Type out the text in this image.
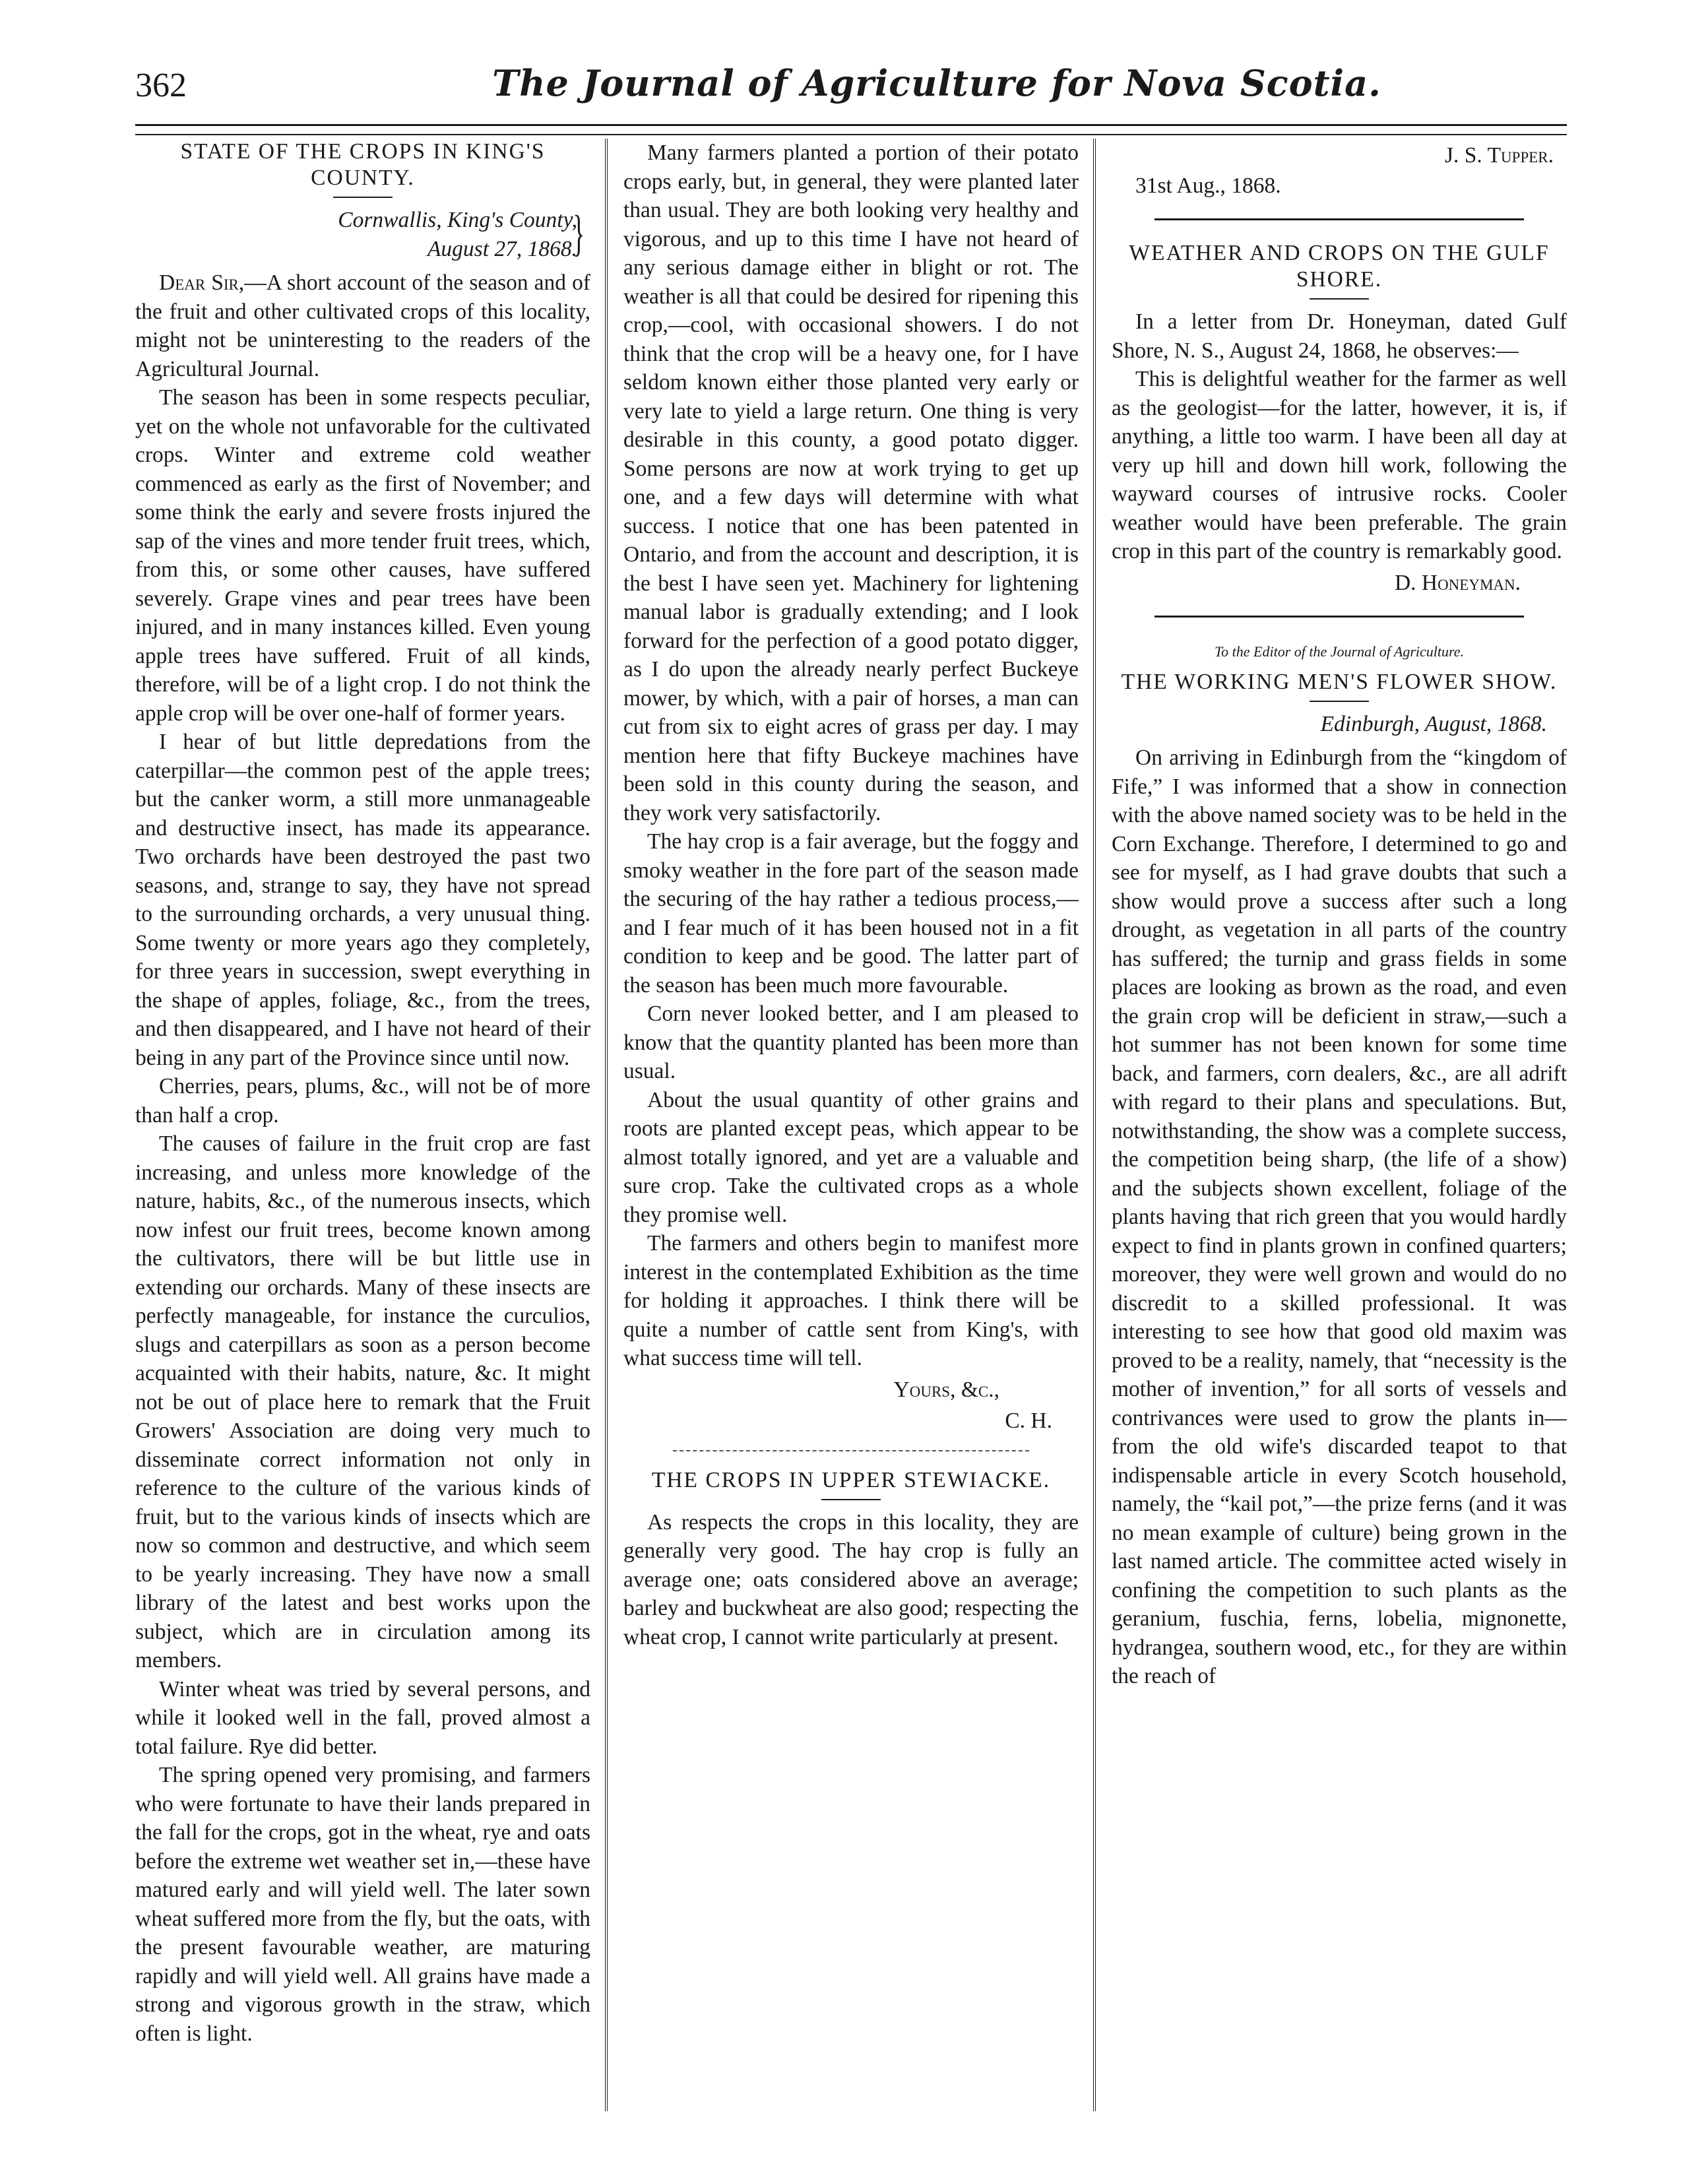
362	The Journal of Agriculture for Nova Scotia.
STATE OF THE CROPS IN KING'S COUNTY.
Cornwallis, King's County,
August 27, 1868.
}

Dear Sir,—A short account of the season and of the fruit and other cultivated crops of this locality, might not be uninteresting to the readers of the Agricultural Journal.

The season has been in some respects peculiar, yet on the whole not unfavorable for the cultivated crops. Winter and extreme cold weather commenced as early as the first of November; and some think the early and severe frosts injured the sap of the vines and more tender fruit trees, which, from this, or some other causes, have suffered severely. Grape vines and pear trees have been injured, and in many instances killed. Even young apple trees have suffered. Fruit of all kinds, therefore, will be of a light crop. I do not think the apple crop will be over one-half of former years.

I hear of but little depredations from the caterpillar—the common pest of the apple trees; but the canker worm, a still more unmanageable and destructive insect, has made its appearance. Two orchards have been destroyed the past two seasons, and, strange to say, they have not spread to the surrounding orchards, a very unusual thing. Some twenty or more years ago they completely, for three years in succession, swept everything in the shape of apples, foliage, &c., from the trees, and then disappeared, and I have not heard of their being in any part of the Province since until now.

Cherries, pears, plums, &c., will not be of more than half a crop.

The causes of failure in the fruit crop are fast increasing, and unless more knowledge of the nature, habits, &c., of the numerous insects, which now infest our fruit trees, become known among the cultivators, there will be but little use in extending our orchards. Many of these insects are perfectly manageable, for instance the curculios, slugs and caterpillars as soon as a person become acquainted with their habits, nature, &c. It might not be out of place here to remark that the Fruit Growers' Association are doing very much to disseminate correct information not only in reference to the culture of the various kinds of fruit, but to the various kinds of insects which are now so common and destructive, and which seem to be yearly increasing. They have now a small library of the latest and best works upon the subject, which are in circulation among its members.

Winter wheat was tried by several persons, and while it looked well in the fall, proved almost a total failure. Rye did better.

The spring opened very promising, and farmers who were fortunate to have their lands prepared in the fall for the crops, got in the wheat, rye and oats before the extreme wet weather set in,—these have matured early and will yield well. The later sown wheat suffered more from the fly, but the oats, with the present favourable weather, are maturing rapidly and will yield well. All grains have made a strong and vigorous growth in the straw, which often is light.

Many farmers planted a portion of their potato crops early, but, in general, they were planted later than usual. They are both looking very healthy and vigorous, and up to this time I have not heard of any serious damage either in blight or rot. The weather is all that could be desired for ripening this crop,—cool, with occasional showers. I do not think that the crop will be a heavy one, for I have seldom known either those planted very early or very late to yield a large return. One thing is very desirable in this county, a good potato digger. Some persons are now at work trying to get up one, and a few days will determine with what success. I notice that one has been patented in Ontario, and from the account and description, it is the best I have seen yet. Machinery for lightening manual labor is gradually extending; and I look forward for the perfection of a good potato digger, as I do upon the already nearly perfect Buckeye mower, by which, with a pair of horses, a man can cut from six to eight acres of grass per day. I may mention here that fifty Buckeye machines have been sold in this county during the season, and they work very satisfactorily.

The hay crop is a fair average, but the foggy and smoky weather in the fore part of the season made the securing of the hay rather a tedious process,—and I fear much of it has been housed not in a fit condition to keep and be good. The latter part of the season has been much more favourable.

Corn never looked better, and I am pleased to know that the quantity planted has been more than usual.

About the usual quantity of other grains and roots are planted except peas, which appear to be almost totally ignored, and yet are a valuable and sure crop. Take the cultivated crops as a whole they promise well.

The farmers and others begin to manifest more interest in the contemplated Exhibition as the time for holding it approaches. I think there will be quite a number of cattle sent from King's, with what success time will tell.

Yours, &c.,
C. H.
THE CROPS IN UPPER STEWIACKE.

As respects the crops in this locality, they are generally very good. The hay crop is fully an average one; oats considered above an average; barley and buckwheat are also good; respecting the wheat crop, I cannot write particularly at present.

J. S. Tupper.
31st Aug., 1868.
WEATHER AND CROPS ON THE GULF SHORE.

In a letter from Dr. Honeyman, dated Gulf Shore, N. S., August 24, 1868, he observes:—

This is delightful weather for the farmer as well as the geologist—for the latter, however, it is, if anything, a little too warm. I have been all day at very up hill and down hill work, following the wayward courses of intrusive rocks. Cooler weather would have been preferable. The grain crop in this part of the country is remarkably good.

D. Honeyman.
To the Editor of the Journal of Agriculture.
THE WORKING MEN'S FLOWER SHOW.
Edinburgh, August, 1868.

On arriving in Edinburgh from the “kingdom of Fife,” I was informed that a show in connection with the above named society was to be held in the Corn Exchange. Therefore, I determined to go and see for myself, as I had grave doubts that such a show would prove a success after such a long drought, as vegetation in all parts of the country has suffered; the turnip and grass fields in some places are looking as brown as the road, and even the grain crop will be deficient in straw,—such a hot summer has not been known for some time back, and farmers, corn dealers, &c., are all adrift with regard to their plans and speculations. But, notwithstanding, the show was a complete success, the competition being sharp, (the life of a show) and the subjects shown excellent, foliage of the plants having that rich green that you would hardly expect to find in plants grown in confined quarters; moreover, they were well grown and would do no discredit to a skilled professional. It was interesting to see how that good old maxim was proved to be a reality, namely, that “necessity is the mother of invention,” for all sorts of vessels and contrivances were used to grow the plants in—from the old wife's discarded teapot to that indispensable article in every Scotch household, namely, the “kail pot,”—the prize ferns (and it was no mean example of culture) being grown in the last named article. The committee acted wisely in confining the competition to such plants as the geranium, fuschia, ferns, lobelia, mignonette, hydrangea, southern wood, etc., for they are within the reach of
